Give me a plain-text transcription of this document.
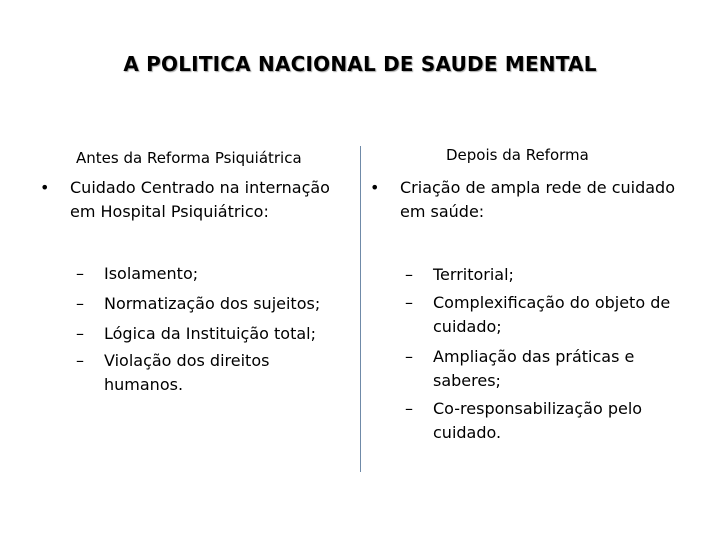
A POLITICA NACIONAL DE SAUDE MENTAL
Antes da Reforma Psiquiátrica
• Cuidado Centrado na internação em Hospital Psiquiátrico:
– Isolamento;
– Normatização dos sujeitos;
– Lógica da Instituição total;
– Violação dos direitos humanos.
Depois da Reforma
• Criação de ampla rede de cuidado em saúde:
– Territorial;
– Complexificação do objeto de cuidado;
– Ampliação das práticas e saberes;
– Co-responsabilização pelo cuidado.
